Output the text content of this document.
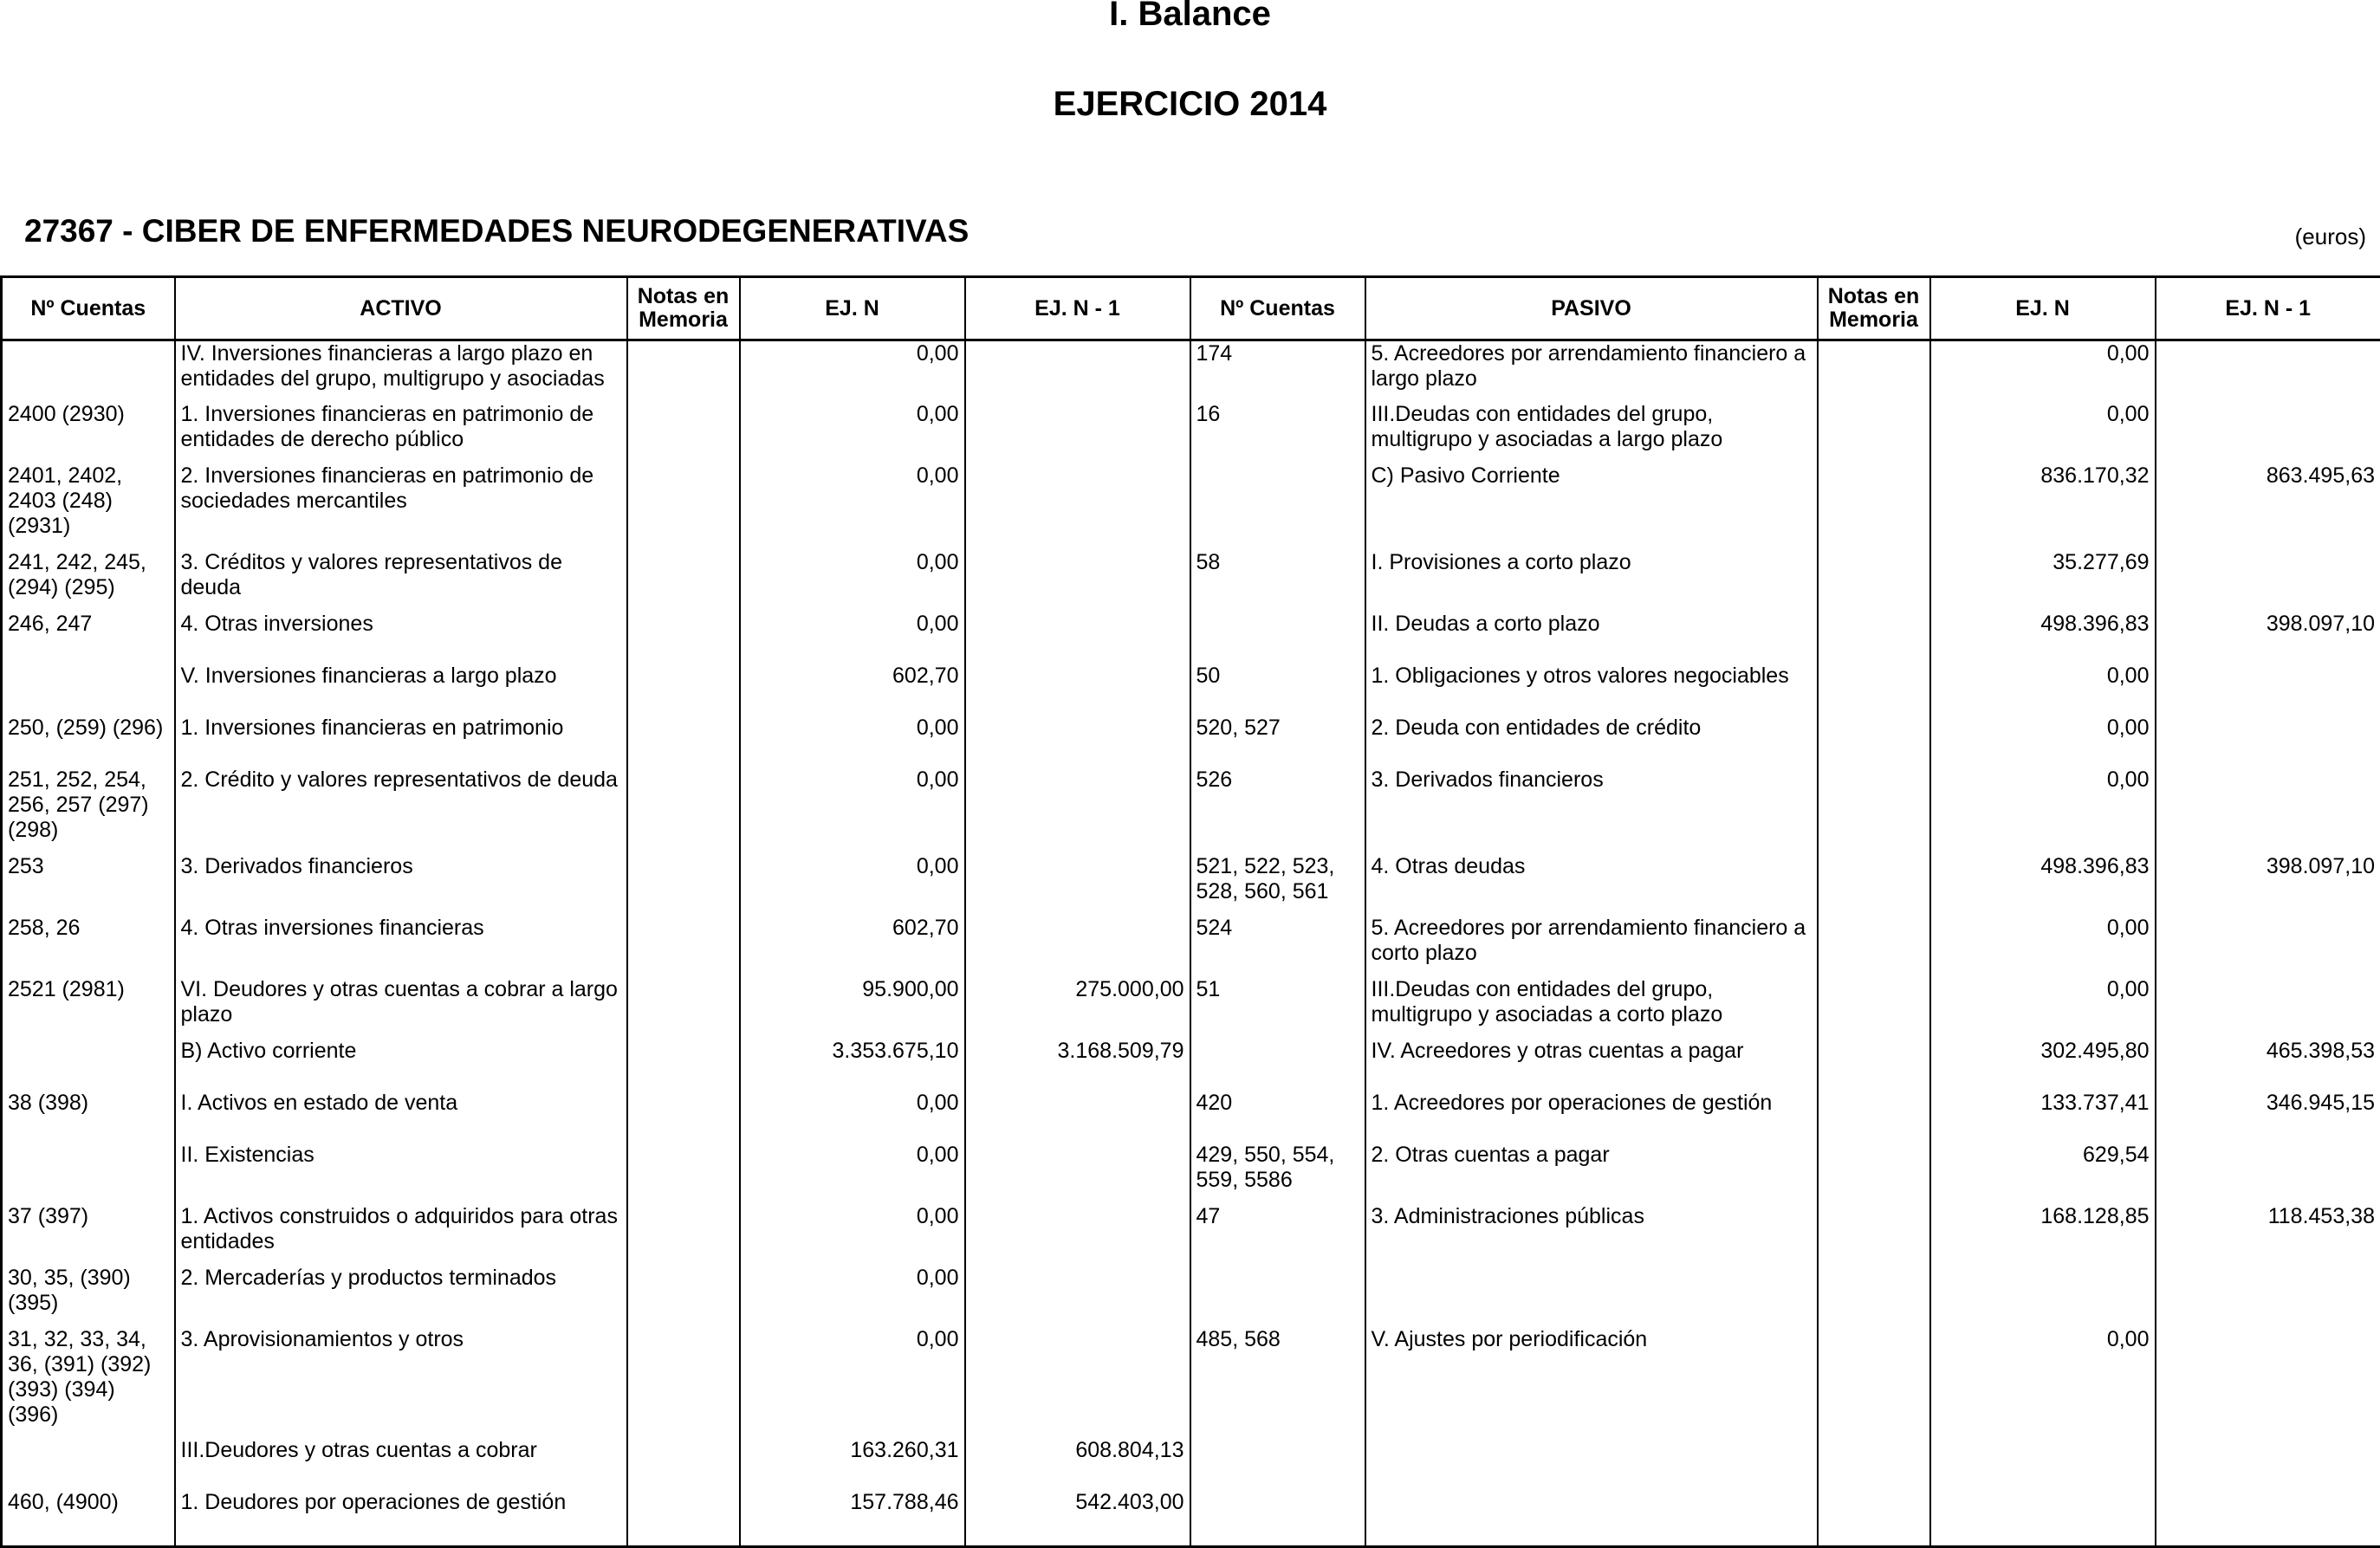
I. Balance
EJERCICIO 2014
27367 - CIBER DE ENFERMEDADES NEURODEGENERATIVAS	(euros)
Nº Cuentas	ACTIVO	Notas en Memoria	EJ. N	EJ. N - 1	Nº Cuentas	PASIVO	Notas en Memoria	EJ. N	EJ. N - 1
	IV. Inversiones financieras a largo plazo en entidades del grupo, multigrupo y asociadas		0,00		174	5. Acreedores por arrendamiento financiero a largo plazo		0,00	
2400 (2930)	1. Inversiones financieras en patrimonio de entidades de derecho público		0,00		16	III.Deudas con entidades del grupo, multigrupo y asociadas a largo plazo		0,00	
2401, 2402, 2403 (248) (2931)	2. Inversiones financieras en patrimonio de sociedades mercantiles		0,00			C) Pasivo Corriente		836.170,32	863.495,63
241, 242, 245, (294) (295)	3. Créditos y valores representativos de deuda		0,00		58	I. Provisiones a corto plazo		35.277,69	
246, 247	4. Otras inversiones		0,00			II. Deudas a corto plazo		498.396,83	398.097,10
	V. Inversiones financieras a largo plazo		602,70		50	1. Obligaciones y otros valores negociables		0,00	
250, (259) (296)	1. Inversiones financieras en patrimonio		0,00		520, 527	2. Deuda con entidades de crédito		0,00	
251, 252, 254, 256, 257 (297) (298)	2. Crédito y valores representativos de deuda		0,00		526	3. Derivados financieros		0,00	
253	3. Derivados financieros		0,00		521, 522, 523, 528, 560, 561	4. Otras deudas		498.396,83	398.097,10
258, 26	4. Otras inversiones financieras		602,70		524	5. Acreedores por arrendamiento financiero a corto plazo		0,00	
2521 (2981)	VI. Deudores y otras cuentas a cobrar a largo plazo		95.900,00	275.000,00	51	III.Deudas con entidades del grupo, multigrupo y asociadas a corto plazo		0,00	
	B) Activo corriente		3.353.675,10	3.168.509,79		IV. Acreedores y otras cuentas a pagar		302.495,80	465.398,53
38 (398)	I. Activos en estado de venta		0,00		420	1. Acreedores por operaciones de gestión		133.737,41	346.945,15
	II. Existencias		0,00		429, 550, 554, 559, 5586	2. Otras cuentas a pagar		629,54	
37 (397)	1. Activos construidos o adquiridos para otras entidades		0,00		47	3. Administraciones públicas		168.128,85	118.453,38
30, 35, (390) (395)	2. Mercaderías y productos terminados		0,00						
31, 32, 33, 34, 36, (391) (392) (393) (394) (396)	3. Aprovisionamientos y otros		0,00		485, 568	V. Ajustes por periodificación		0,00	
	III.Deudores y otras cuentas a cobrar		163.260,31	608.804,13					
460, (4900)	1. Deudores por operaciones de gestión		157.788,46	542.403,00					
